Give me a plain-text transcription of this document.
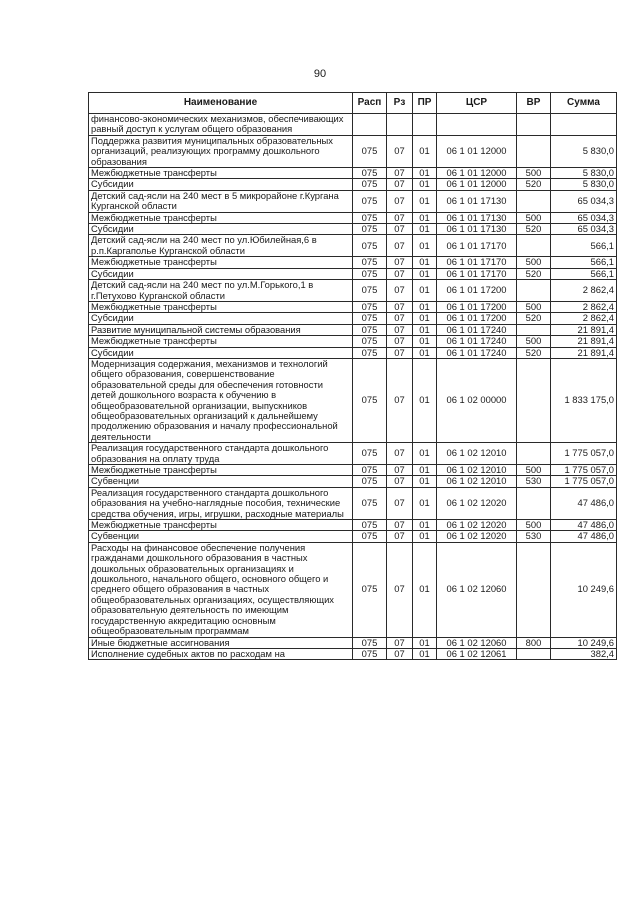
90
Наименование	Расп	Рз	ПР	ЦСР	ВР	Сумма
финансово-экономических механизмов, обеспечивающих равный доступ к услугам общего образования						
Поддержка развития муниципальных образовательных организаций, реализующих программу дошкольного образования	075	07	01	06 1 01 12000		5 830,0
Межбюджетные трансферты	075	07	01	06 1 01 12000	500	5 830,0
Субсидии	075	07	01	06 1 01 12000	520	5 830,0
Детский сад-ясли на 240 мест в 5 микрорайоне г.Кургана Курганской области	075	07	01	06 1 01 17130		65 034,3
Межбюджетные трансферты	075	07	01	06 1 01 17130	500	65 034,3
Субсидии	075	07	01	06 1 01 17130	520	65 034,3
Детский сад-ясли на 240 мест по ул.Юбилейная,6 в р.п.Каргаполье Курганской области	075	07	01	06 1 01 17170		566,1
Межбюджетные трансферты	075	07	01	06 1 01 17170	500	566,1
Субсидии	075	07	01	06 1 01 17170	520	566,1
Детский сад-ясли на 240 мест по ул.М.Горького,1 в г.Петухово Курганской области	075	07	01	06 1 01 17200		2 862,4
Межбюджетные трансферты	075	07	01	06 1 01 17200	500	2 862,4
Субсидии	075	07	01	06 1 01 17200	520	2 862,4
Развитие муниципальной системы образования	075	07	01	06 1 01 17240		21 891,4
Межбюджетные трансферты	075	07	01	06 1 01 17240	500	21 891,4
Субсидии	075	07	01	06 1 01 17240	520	21 891,4
Модернизация содержания, механизмов и технологий общего образования, совершенствование образовательной среды для обеспечения готовности детей дошкольного возраста к обучению в общеобразовательной организации, выпускников общеобразовательных организаций к дальнейшему продолжению образования и началу профессиональной деятельности	075	07	01	06 1 02 00000		1 833 175,0
Реализация государственного стандарта дошкольного образования на оплату труда	075	07	01	06 1 02 12010		1 775 057,0
Межбюджетные трансферты	075	07	01	06 1 02 12010	500	1 775 057,0
Субвенции	075	07	01	06 1 02 12010	530	1 775 057,0
Реализация государственного стандарта дошкольного образования на учебно-наглядные пособия, технические средства обучения, игры, игрушки, расходные материалы	075	07	01	06 1 02 12020		47 486,0
Межбюджетные трансферты	075	07	01	06 1 02 12020	500	47 486,0
Субвенции	075	07	01	06 1 02 12020	530	47 486,0
Расходы на финансовое обеспечение получения гражданами дошкольного образования в частных дошкольных образовательных организациях и дошкольного, начального общего, основного общего и среднего общего образования в частных общеобразовательных организациях, осуществляющих образовательную деятельность по имеющим государственную аккредитацию основным общеобразовательным программам	075	07	01	06 1 02 12060		10 249,6
Иные бюджетные ассигнования	075	07	01	06 1 02 12060	800	10 249,6
Исполнение судебных актов по расходам на	075	07	01	06 1 02 12061		382,4
